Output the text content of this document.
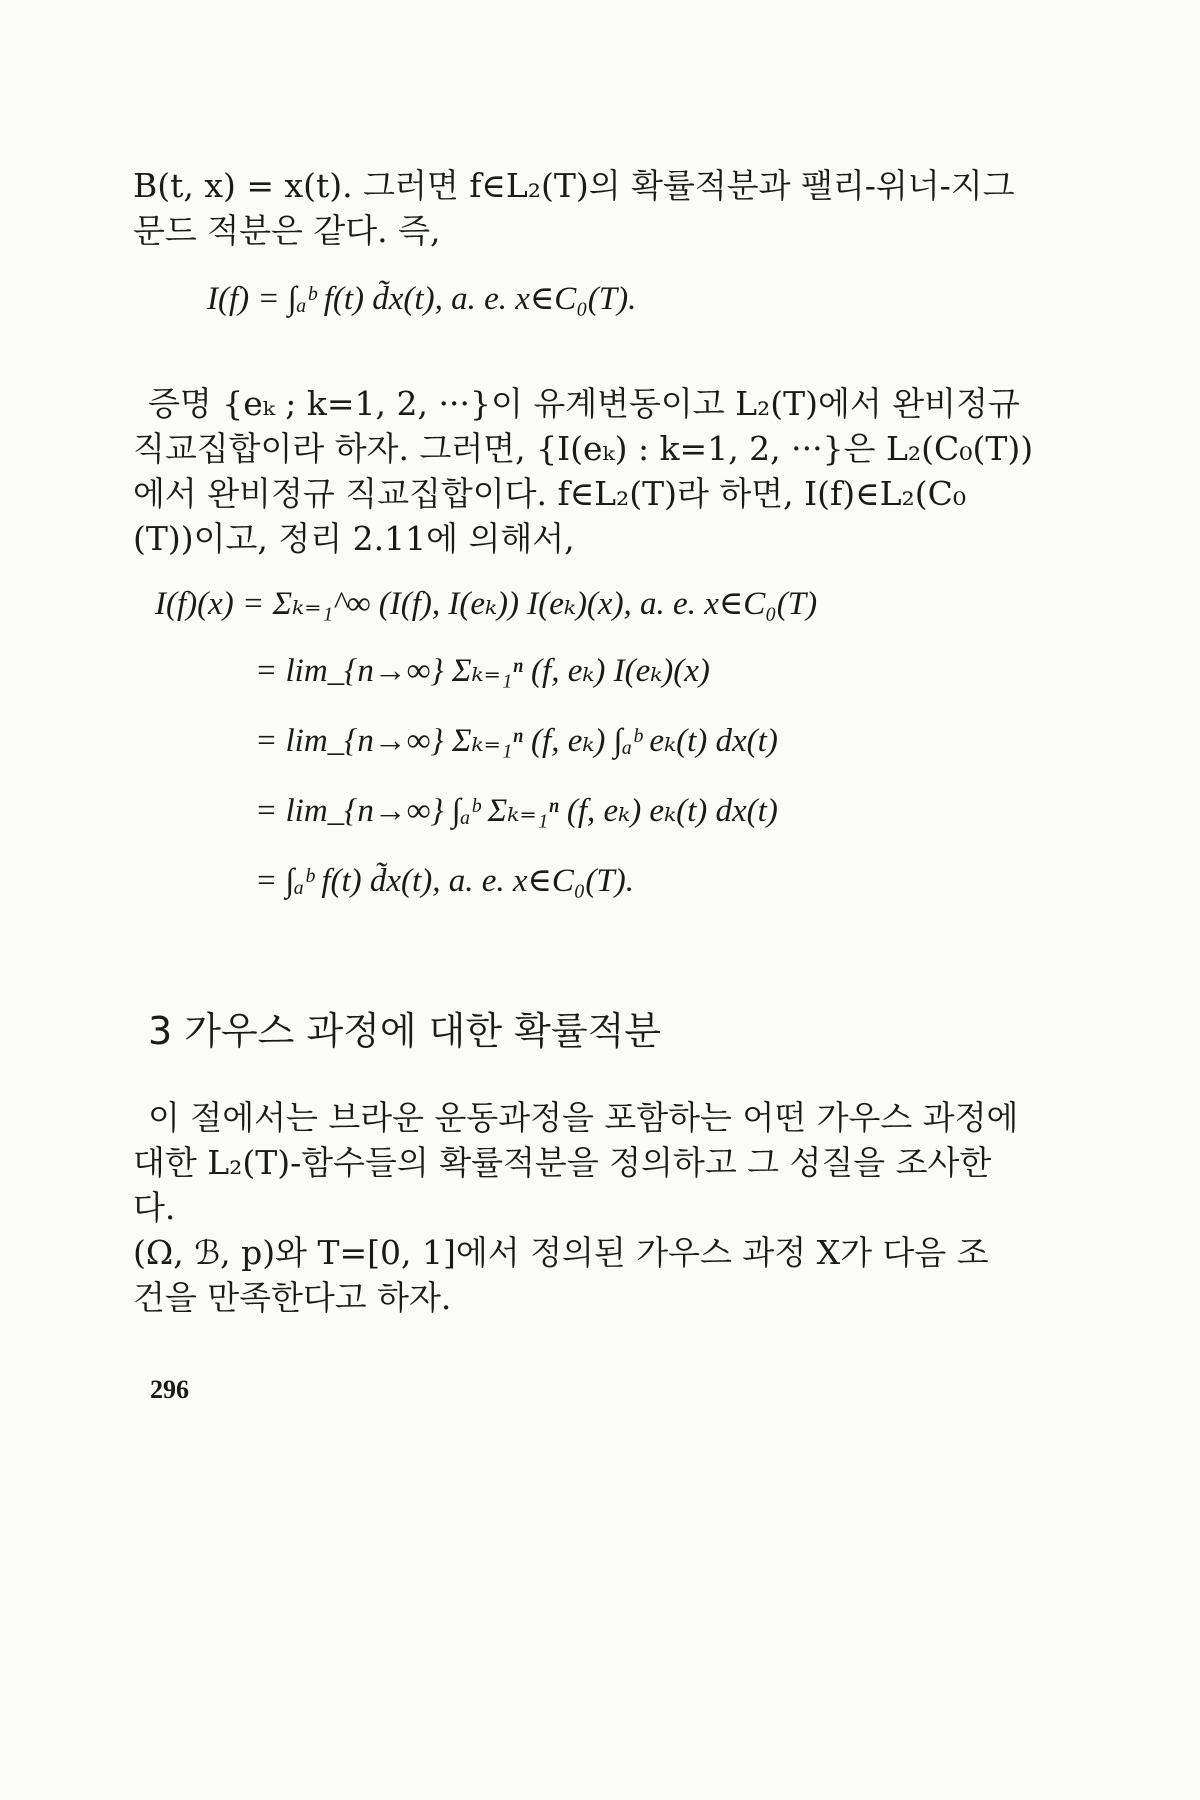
B(t, x) = x(t). 그러면 f∈L₂(T)의 확률적분과 팰리-위너-지그
문드 적분은 같다. 즉,
I(f) = ∫ₐᵇ f(t) d̃x(t), a. e. x∈C₀(T).
증명 {eₖ ; k=1, 2, ···}이 유계변동이고 L₂(T)에서 완비정규
직교집합이라 하자. 그러면, {I(eₖ) : k=1, 2, ···}은 L₂(C₀(T))
에서 완비정규 직교집합이다. f∈L₂(T)라 하면, I(f)∈L₂(C₀
(T))이고, 정리 2.11에 의해서,
I(f)(x) = Σₖ₌₁^∞ (I(f), I(eₖ)) I(eₖ)(x), a. e. x∈C₀(T)
= lim_{n→∞} Σₖ₌₁ⁿ (f, eₖ) I(eₖ)(x)
= lim_{n→∞} Σₖ₌₁ⁿ (f, eₖ) ∫ₐᵇ eₖ(t) dx(t)
= lim_{n→∞} ∫ₐᵇ Σₖ₌₁ⁿ (f, eₖ) eₖ(t) dx(t)
= ∫ₐᵇ f(t) d̃x(t), a. e. x∈C₀(T).
3 가우스 과정에 대한 확률적분
이 절에서는 브라운 운동과정을 포함하는 어떤 가우스 과정에
대한 L₂(T)-함수들의 확률적분을 정의하고 그 성질을 조사한
다.
(Ω, ℬ, p)와 T=[0, 1]에서 정의된 가우스 과정 X가 다음 조
건을 만족한다고 하자.
296
